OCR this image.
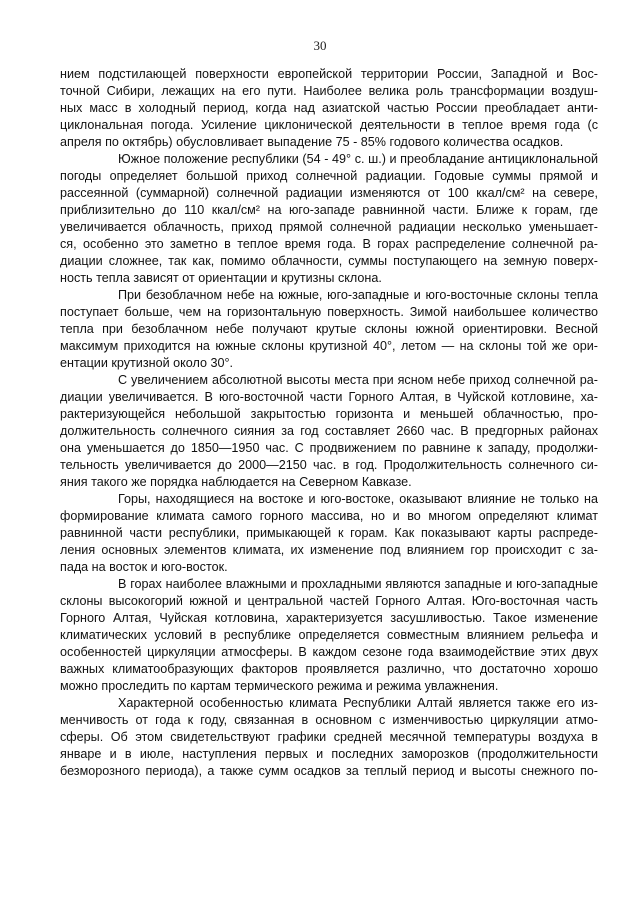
30
нием подстилающей поверхности европейской территории России, Западной и Вос-
точной Сибири, лежащих на его пути. Наиболее велика роль трансформации воздуш-
ных масс в холодный период, когда над азиатской частью России преобладает анти-
циклональная погода. Усиление циклонической деятельности в теплое время года (с
апреля по октябрь) обусловливает выпадение 75 - 85% годового количества осадков.
Южное положение республики (54 - 49° с. ш.) и преобладание антициклональной
погоды определяет большой приход солнечной радиации. Годовые суммы прямой и
рассеянной (суммарной) солнечной радиации изменяются от 100 ккал/см² на севере,
приблизительно до 110 ккал/см² на юго-западе равнинной части. Ближе к горам, где
увеличивается облачность, приход прямой солнечной радиации несколько уменьшает-
ся, особенно это заметно в теплое время года. В горах распределение солнечной ра-
диации сложнее, так как, помимо облачности, суммы поступающего на земную поверх-
ность тепла зависят от ориентации и крутизны склона.
При безоблачном небе на южные, юго-западные и юго-восточные склоны тепла
поступает больше, чем на горизонтальную поверхность. Зимой наибольшее количество
тепла при безоблачном небе получают крутые склоны южной ориентировки. Весной
максимум приходится на южные склоны крутизной 40°, летом — на склоны той же ори-
ентации крутизной около 30°.
С увеличением абсолютной высоты места при ясном небе приход солнечной ра-
диации увеличивается. В юго-восточной части Горного Алтая, в Чуйской котловине, ха-
рактеризующейся небольшой закрытостью горизонта и меньшей облачностью, про-
должительность солнечного сияния за год составляет 2660 час. В предгорных районах
она уменьшается до 1850—1950 час. С продвижением по равнине к западу, продолжи-
тельность увеличивается до 2000—2150 час. в год. Продолжительность солнечного си-
яния такого же порядка наблюдается на Северном Кавказе.
Горы, находящиеся на востоке и юго-востоке, оказывают влияние не только на
формирование климата самого горного массива, но и во многом определяют климат
равнинной части республики, примыкающей к горам. Как показывают карты распреде-
ления основных элементов климата, их изменение под влиянием гор происходит с за-
пада на восток и юго-восток.
В горах наиболее влажными и прохладными являются западные и юго-западные
склоны высокогорий южной и центральной частей Горного Алтая. Юго-восточная часть
Горного Алтая, Чуйская котловина, характеризуется засушливостью. Такое изменение
климатических условий в республике определяется совместным влиянием рельефа и
особенностей циркуляции атмосферы. В каждом сезоне года взаимодействие этих двух
важных климатообразующих факторов проявляется различно, что достаточно хорошо
можно проследить по картам термического режима и режима увлажнения.
Характерной особенностью климата Республики Алтай является также его из-
менчивость от года к году, связанная в основном с изменчивостью циркуляции атмо-
сферы. Об этом свидетельствуют графики средней месячной температуры воздуха в
январе и в июле, наступления первых и последних заморозков (продолжительности
безморозного периода), а также сумм осадков за теплый период и высоты снежного по-
